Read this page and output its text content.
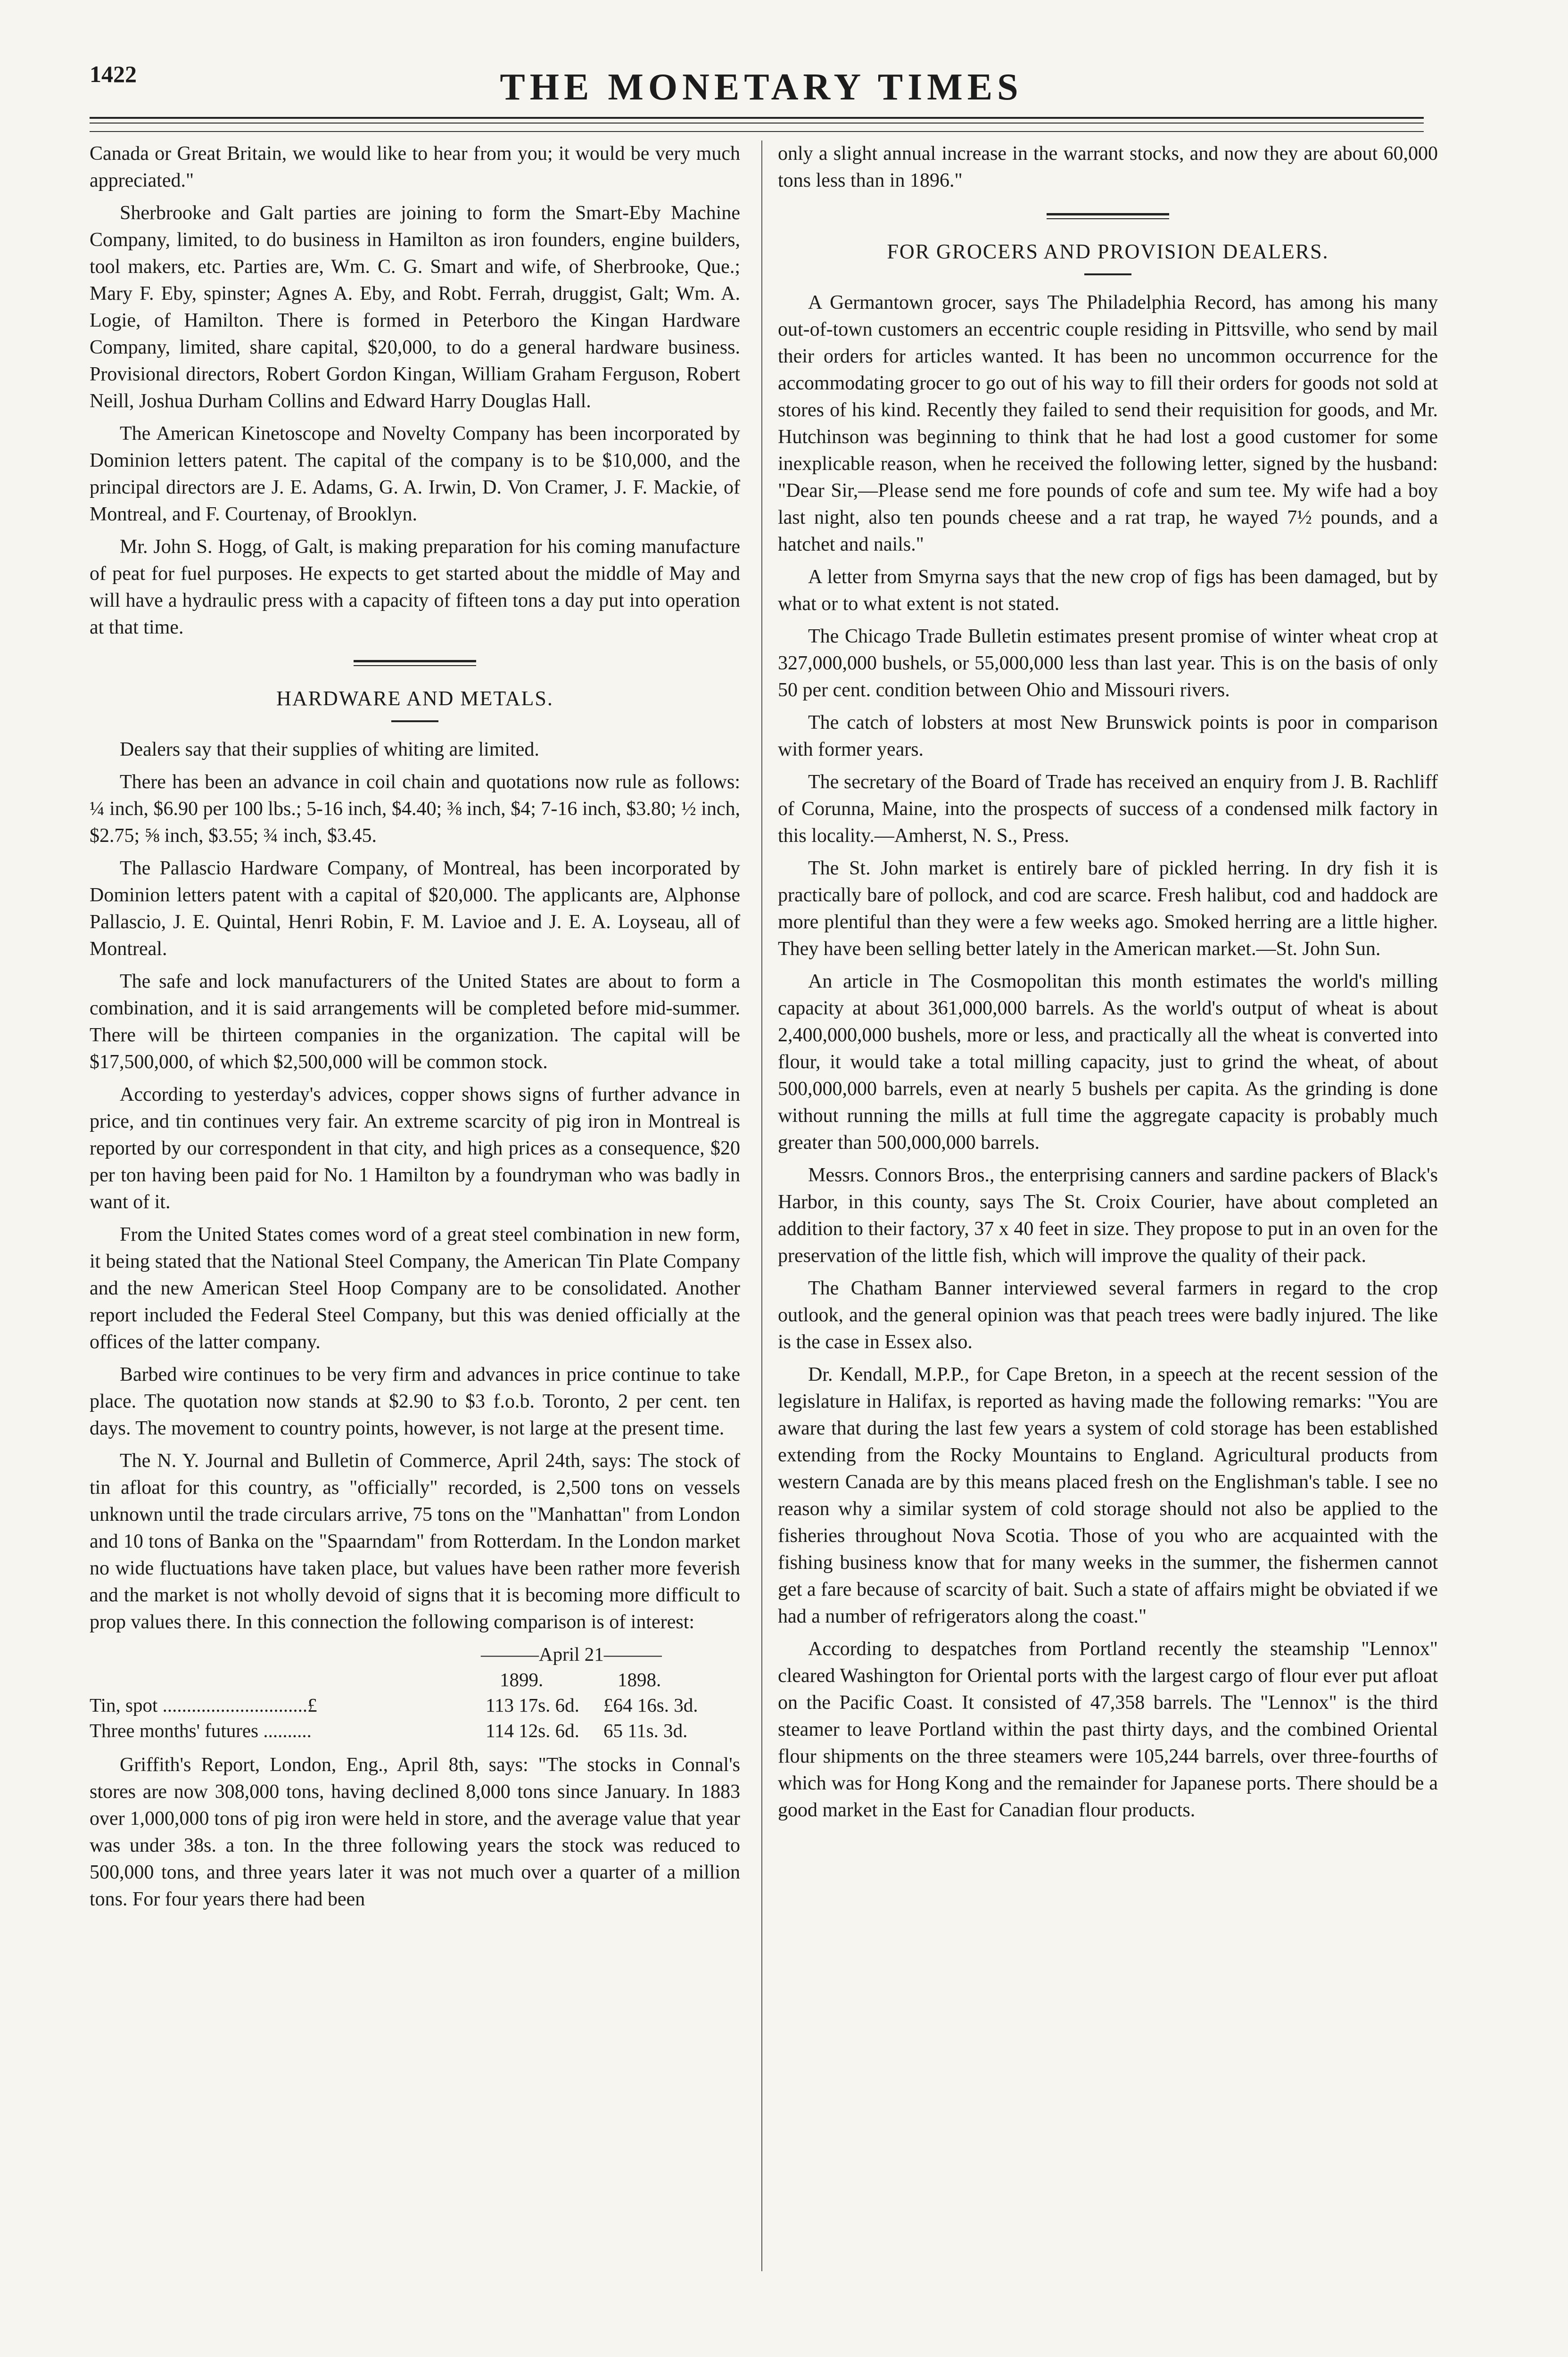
1422	THE MONETARY TIMES

Canada or Great Britain, we would like to hear from you; it would be very much appreciated."

Sherbrooke and Galt parties are joining to form the Smart-Eby Machine Company, limited, to do business in Hamilton as iron founders, engine builders, tool makers, etc. Parties are, Wm. C. G. Smart and wife, of Sherbrooke, Que.; Mary F. Eby, spinster; Agnes A. Eby, and Robt. Ferrah, druggist, Galt; Wm. A. Logie, of Hamilton. There is formed in Peterboro the Kingan Hardware Company, limited, share capital, $20,000, to do a general hardware business. Provisional directors, Robert Gordon Kingan, William Graham Ferguson, Robert Neill, Joshua Durham Collins and Edward Harry Douglas Hall.

The American Kinetoscope and Novelty Company has been incorporated by Dominion letters patent. The capital of the company is to be $10,000, and the principal directors are J. E. Adams, G. A. Irwin, D. Von Cramer, J. F. Mackie, of Montreal, and F. Courtenay, of Brooklyn.

Mr. John S. Hogg, of Galt, is making preparation for his coming manufacture of peat for fuel purposes. He expects to get started about the middle of May and will have a hydraulic press with a capacity of fifteen tons a day put into operation at that time.

HARDWARE AND METALS.

Dealers say that their supplies of whiting are limited.

There has been an advance in coil chain and quotations now rule as follows: ¼ inch, $6.90 per 100 lbs.; 5-16 inch, $4.40; ⅜ inch, $4; 7-16 inch, $3.80; ½ inch, $2.75; ⅝ inch, $3.55; ¾ inch, $3.45.

The Pallascio Hardware Company, of Montreal, has been incorporated by Dominion letters patent with a capital of $20,000. The applicants are, Alphonse Pallascio, J. E. Quintal, Henri Robin, F. M. Lavioe and J. E. A. Loyseau, all of Montreal.

The safe and lock manufacturers of the United States are about to form a combination, and it is said arrangements will be completed before mid-summer. There will be thirteen companies in the organization. The capital will be $17,500,000, of which $2,500,000 will be common stock.

According to yesterday's advices, copper shows signs of further advance in price, and tin continues very fair. An extreme scarcity of pig iron in Montreal is reported by our correspondent in that city, and high prices as a consequence, $20 per ton having been paid for No. 1 Hamilton by a foundryman who was badly in want of it.

From the United States comes word of a great steel combination in new form, it being stated that the National Steel Company, the American Tin Plate Company and the new American Steel Hoop Company are to be consolidated. Another report included the Federal Steel Company, but this was denied officially at the offices of the latter company.

Barbed wire continues to be very firm and advances in price continue to take place. The quotation now stands at $2.90 to $3 f.o.b. Toronto, 2 per cent. ten days. The movement to country points, however, is not large at the present time.

The N. Y. Journal and Bulletin of Commerce, April 24th, says: The stock of tin afloat for this country, as "officially" recorded, is 2,500 tons on vessels unknown until the trade circulars arrive, 75 tons on the "Manhattan" from London and 10 tons of Banka on the "Spaarndam" from Rotterdam. In the London market no wide fluctuations have taken place, but values have been rather more feverish and the market is not wholly devoid of signs that it is becoming more difficult to prop values there. In this connection the following comparison is of interest:

———April 21———
1899.	1898.
Tin, spot ..............................£	113 17s. 6d.	£64 16s. 3d.
Three months' futures ..........	114 12s. 6d.	65 11s. 3d.

Griffith's Report, London, Eng., April 8th, says: "The stocks in Connal's stores are now 308,000 tons, having declined 8,000 tons since January. In 1883 over 1,000,000 tons of pig iron were held in store, and the average value that year was under 38s. a ton. In the three following years the stock was reduced to 500,000 tons, and three years later it was not much over a quarter of a million tons. For four years there had been

only a slight annual increase in the warrant stocks, and now they are about 60,000 tons less than in 1896."

FOR GROCERS AND PROVISION DEALERS.

A Germantown grocer, says The Philadelphia Record, has among his many out-of-town customers an eccentric couple residing in Pittsville, who send by mail their orders for articles wanted. It has been no uncommon occurrence for the accommodating grocer to go out of his way to fill their orders for goods not sold at stores of his kind. Recently they failed to send their requisition for goods, and Mr. Hutchinson was beginning to think that he had lost a good customer for some inexplicable reason, when he received the following letter, signed by the husband: "Dear Sir,—Please send me fore pounds of cofe and sum tee. My wife had a boy last night, also ten pounds cheese and a rat trap, he wayed 7½ pounds, and a hatchet and nails."

A letter from Smyrna says that the new crop of figs has been damaged, but by what or to what extent is not stated.

The Chicago Trade Bulletin estimates present promise of winter wheat crop at 327,000,000 bushels, or 55,000,000 less than last year. This is on the basis of only 50 per cent. condition between Ohio and Missouri rivers.

The catch of lobsters at most New Brunswick points is poor in comparison with former years.

The secretary of the Board of Trade has received an enquiry from J. B. Rachliff of Corunna, Maine, into the prospects of success of a condensed milk factory in this locality.—Amherst, N. S., Press.

The St. John market is entirely bare of pickled herring. In dry fish it is practically bare of pollock, and cod are scarce. Fresh halibut, cod and haddock are more plentiful than they were a few weeks ago. Smoked herring are a little higher. They have been selling better lately in the American market.—St. John Sun.

An article in The Cosmopolitan this month estimates the world's milling capacity at about 361,000,000 barrels. As the world's output of wheat is about 2,400,000,000 bushels, more or less, and practically all the wheat is converted into flour, it would take a total milling capacity, just to grind the wheat, of about 500,000,000 barrels, even at nearly 5 bushels per capita. As the grinding is done without running the mills at full time the aggregate capacity is probably much greater than 500,000,000 barrels.

Messrs. Connors Bros., the enterprising canners and sardine packers of Black's Harbor, in this county, says The St. Croix Courier, have about completed an addition to their factory, 37 x 40 feet in size. They propose to put in an oven for the preservation of the little fish, which will improve the quality of their pack.

The Chatham Banner interviewed several farmers in regard to the crop outlook, and the general opinion was that peach trees were badly injured. The like is the case in Essex also.

Dr. Kendall, M.P.P., for Cape Breton, in a speech at the recent session of the legislature in Halifax, is reported as having made the following remarks: "You are aware that during the last few years a system of cold storage has been established extending from the Rocky Mountains to England. Agricultural products from western Canada are by this means placed fresh on the Englishman's table. I see no reason why a similar system of cold storage should not also be applied to the fisheries throughout Nova Scotia. Those of you who are acquainted with the fishing business know that for many weeks in the summer, the fishermen cannot get a fare because of scarcity of bait. Such a state of affairs might be obviated if we had a number of refrigerators along the coast."

According to despatches from Portland recently the steamship "Lennox" cleared Washington for Oriental ports with the largest cargo of flour ever put afloat on the Pacific Coast. It consisted of 47,358 barrels. The "Lennox" is the third steamer to leave Portland within the past thirty days, and the combined Oriental flour shipments on the three steamers were 105,244 barrels, over three-fourths of which was for Hong Kong and the remainder for Japanese ports. There should be a good market in the East for Canadian flour products.
